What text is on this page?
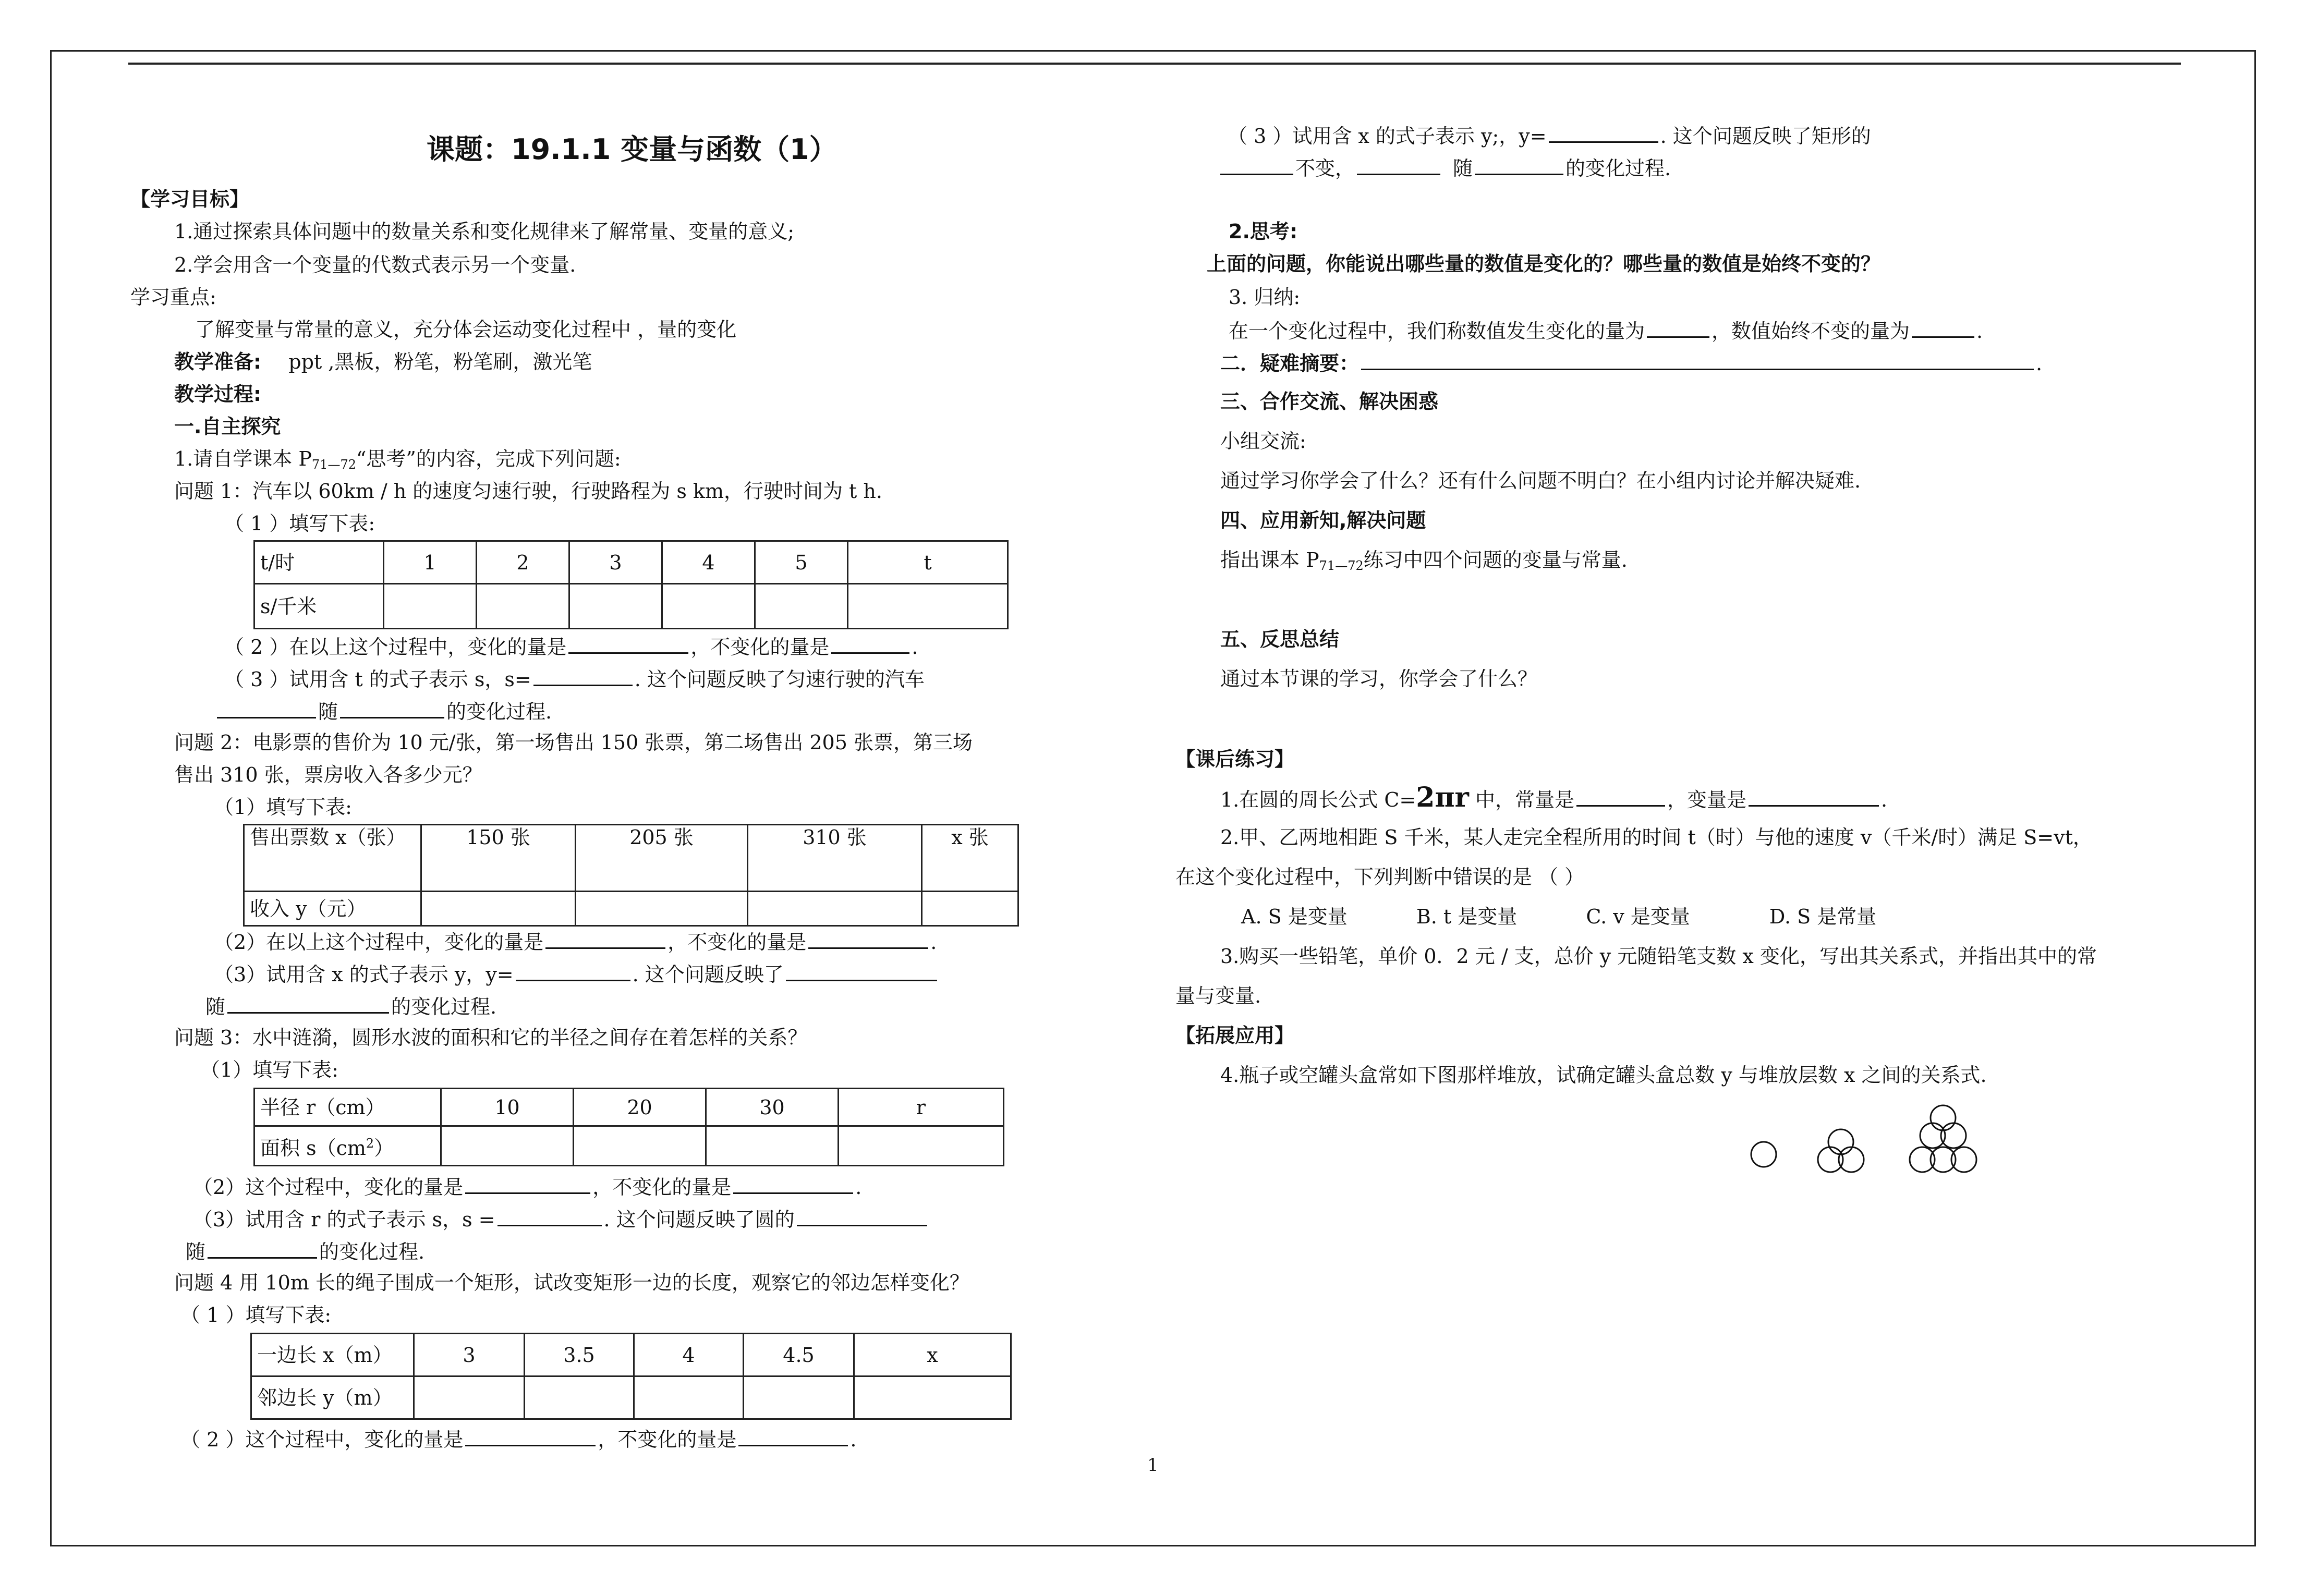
课题：19.1.1 变量与函数（1）
【学习目标】
1.通过探索具体问题中的数量关系和变化规律来了解常量、变量的意义;
2.学会用含一个变量的代数式表示另一个变量.
学习重点:
了解变量与常量的意义，充分体会运动变化过程中 ，量的变化
教学准备: ppt ,黑板，粉笔，粉笔刷，激光笔
教学过程:
一.自主探究
1.请自学课本 $P_{71—72}“$思考”的内容，完成下列问题:
问题 1：汽车以 60km / h 的速度匀速行驶，行驶路程为 s km，行驶时间为 t h.
（ 1 ）填写下表:
t/时	1	2	3	4	5	t
s/千米						
（ 2 ）在以上这个过程中，变化的量是	，不变化的量是	.
（ 3 ）试用含 t 的式子表示 s，s=	. 这个问题反映了匀速行驶的汽车
随	的变化过程.
问题 2：电影票的售价为 10 元/张，第一场售出 150 张票，第二场售出 205 张票，第三场
售出 310 张，票房收入各多少元？
（1）填写下表:
售出票数 x（张）	150 张	205 张	310 张	x 张
收入 y（元）				
（2）在以上这个过程中，变化的量是	，不变化的量是	.
（3）试用含 x 的式子表示 y，y=	. 这个问题反映了
随	的变化过程.
问题 3：水中涟漪，圆形水波的面积和它的半径之间存在着怎样的关系？
（1）填写下表:
半径 r（cm）	10	20	30	r
面积 $s(cm^2)$				
（2）这个过程中，变化的量是	，不变化的量是	.
（3）试用含 r 的式子表示 s，s =	. 这个问题反映了圆的
随	的变化过程.
问题 4 用 10m 长的绳子围成一个矩形，试改变矩形一边的长度，观察它的邻边怎样变化？
（ 1 ）填写下表:
一边长 x（m）	3	3.5	4	4.5	x
邻边长 y（m）					
（ 2 ）这个过程中，变化的量是	，不变化的量是	.
1
（ 3 ）试用含 x 的式子表示 y;，y=	. 这个问题反映了矩形的
不变，	随	的变化过程.
2.思考:
上面的问题，你能说出哪些量的数值是变化的？哪些量的数值是始终不变的？
3. 归纳:
在一个变化过程中，我们称数值发生变化的量为	，数值始终不变的量为	.
二．疑难摘要：	.
三、合作交流、解决困惑
小组交流:
通过学习你学会了什么？还有什么问题不明白？在小组内讨论并解决疑难.
四、应用新知,解决问题
指出课本 $P_{71—72}$练习中四个问题的变量与常量.
五、反思总结
通过本节课的学习，你学会了什么？
【课后练习】
1.在圆的周长公式 C=2πr 中，常量是	，变量是	.
2.甲、乙两地相距 S 千米，某人走完全程所用的时间 t（时）与他的速度 v（千米/时）满足 S=vt，
在这个变化过程中，下列判断中错误的是 （ ）
A. S 是变量	B. t 是变量	C. v 是变量	D. S 是常量
3.购买一些铅笔，单价 0．2 元 / 支，总价 y 元随铅笔支数 x 变化，写出其关系式，并指出其中的常
量与变量.
【拓展应用】
4.瓶子或空罐头盒常如下图那样堆放，试确定罐头盒总数 y 与堆放层数 x 之间的关系式.
